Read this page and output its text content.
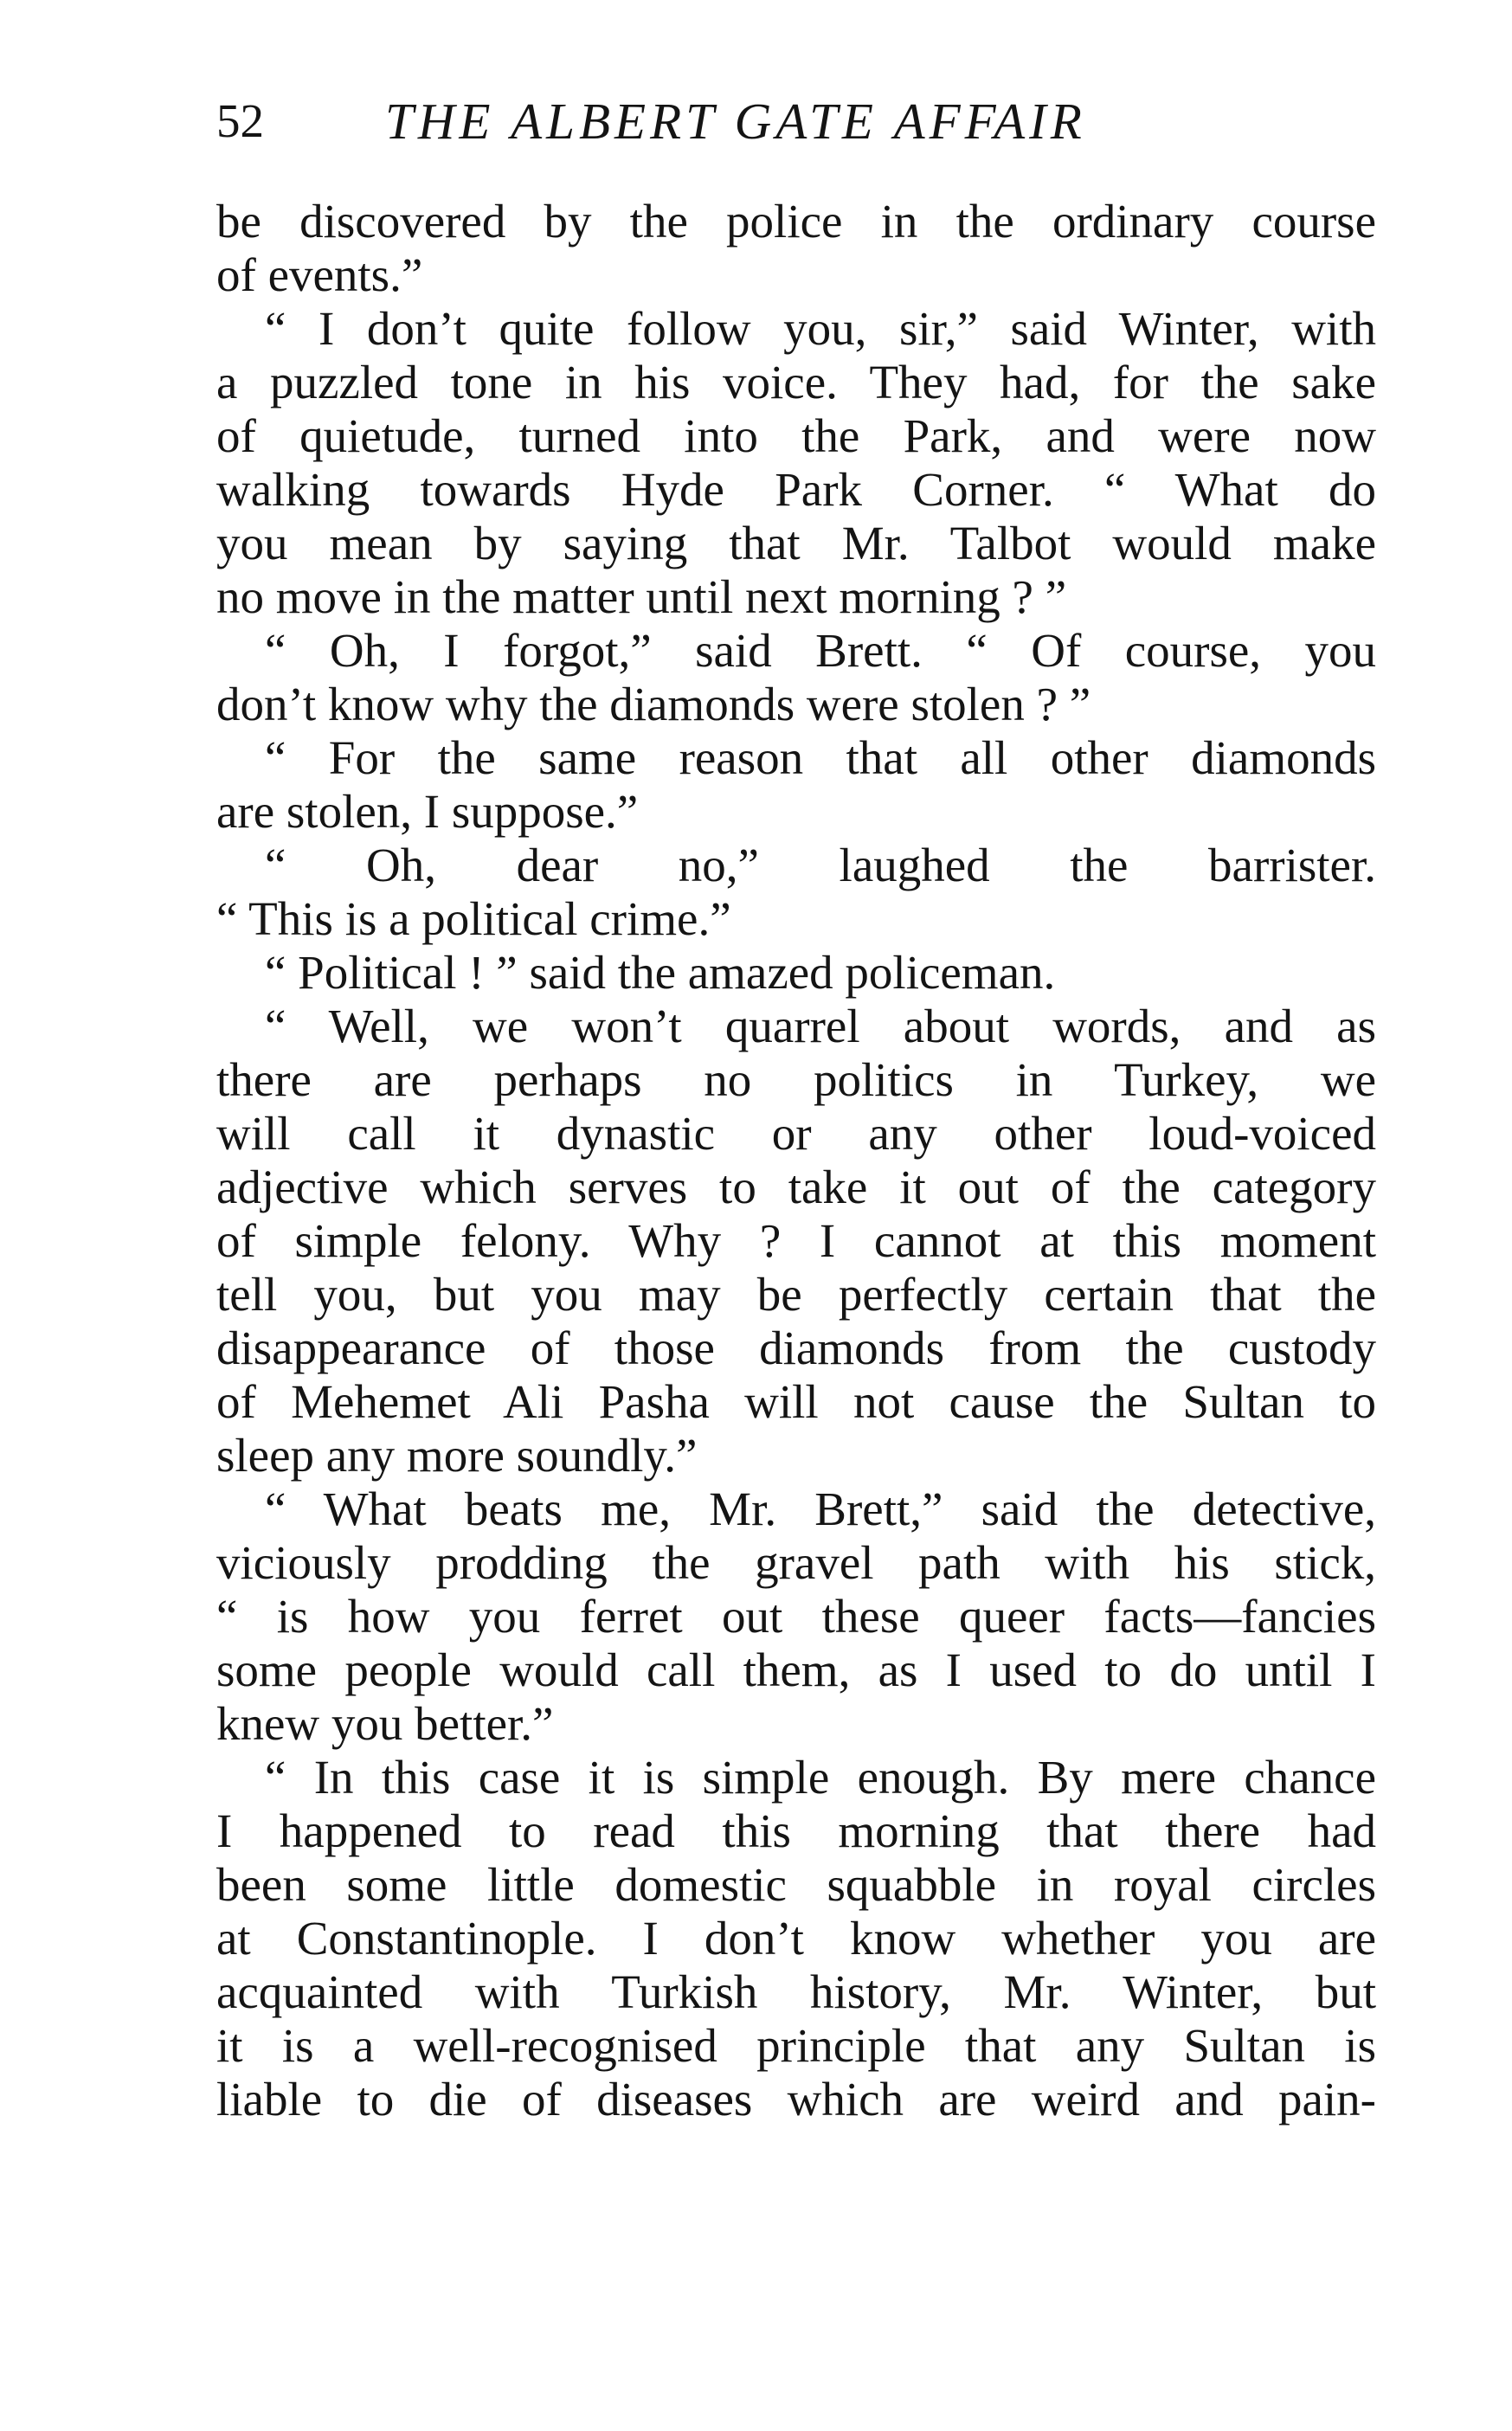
52 THE ALBERT GATE AFFAIR
be discovered by the police in the ordinary course
of events.”
“ I don’t quite follow you, sir,” said Winter, with
a puzzled tone in his voice. They had, for the sake
of quietude, turned into the Park, and were now
walking towards Hyde Park Corner. “ What do
you mean by saying that Mr. Talbot would make
no move in the matter until next morning ? ”
“ Oh, I forgot,” said Brett. “ Of course, you
don’t know why the diamonds were stolen ? ”
“ For the same reason that all other diamonds
are stolen, I suppose.”
“ Oh, dear no,” laughed the barrister.
“ This is a political crime.”
“ Political ! ” said the amazed policeman.
“ Well, we won’t quarrel about words, and as
there are perhaps no politics in Turkey, we
will call it dynastic or any other loud-voiced
adjective which serves to take it out of the category
of simple felony. Why ? I cannot at this moment
tell you, but you may be perfectly certain that the
disappearance of those diamonds from the custody
of Mehemet Ali Pasha will not cause the Sultan to
sleep any more soundly.”
“ What beats me, Mr. Brett,” said the detective,
viciously prodding the gravel path with his stick,
“ is how you ferret out these queer facts—fancies
some people would call them, as I used to do until I
knew you better.”
“ In this case it is simple enough. By mere chance
I happened to read this morning that there had
been some little domestic squabble in royal circles
at Constantinople. I don’t know whether you are
acquainted with Turkish history, Mr. Winter, but
it is a well-recognised principle that any Sultan is
liable to die of diseases which are weird and pain-
